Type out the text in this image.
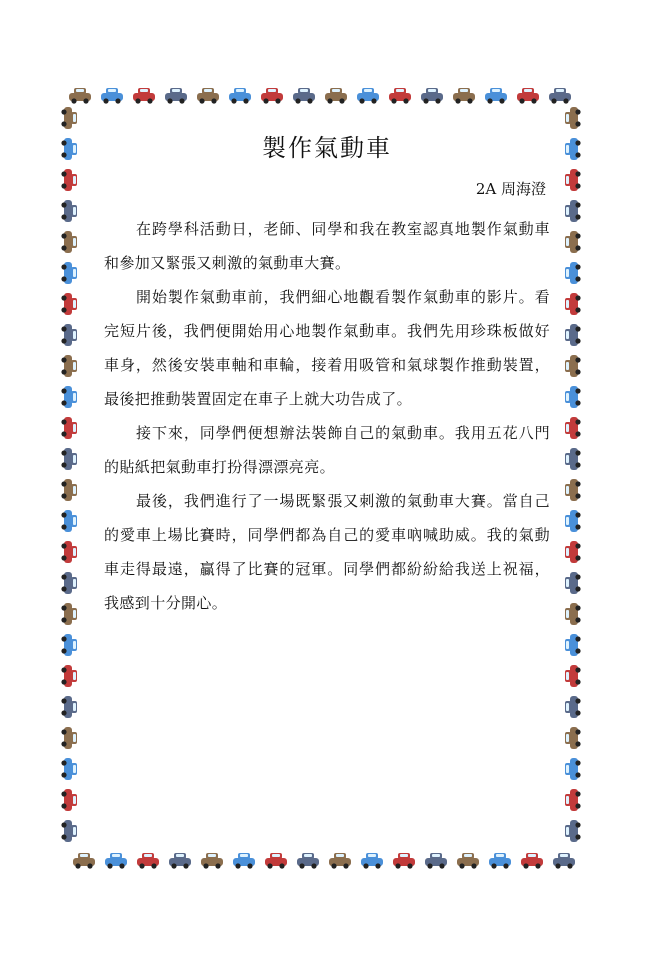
製作氣動車
2A 周海澄

在跨學科活動日，老師、同學和我在教室認真地製作氣動車和參加又緊張又刺激的氣動車大賽。

開始製作氣動車前，我們細心地觀看製作氣動車的影片。看完短片後，我們便開始用心地製作氣動車。我們先用珍珠板做好車身，然後安裝車軸和車輪，接着用吸管和氣球製作推動裝置，最後把推動裝置固定在車子上就大功告成了。

接下來，同學們便想辦法裝飾自己的氣動車。我用五花八門的貼紙把氣動車打扮得漂漂亮亮。

最後，我們進行了一場既緊張又刺激的氣動車大賽。當自己的愛車上場比賽時，同學們都為自己的愛車吶喊助威。我的氣動車走得最遠，贏得了比賽的冠軍。同學們都紛紛給我送上祝福，我感到十分開心。
